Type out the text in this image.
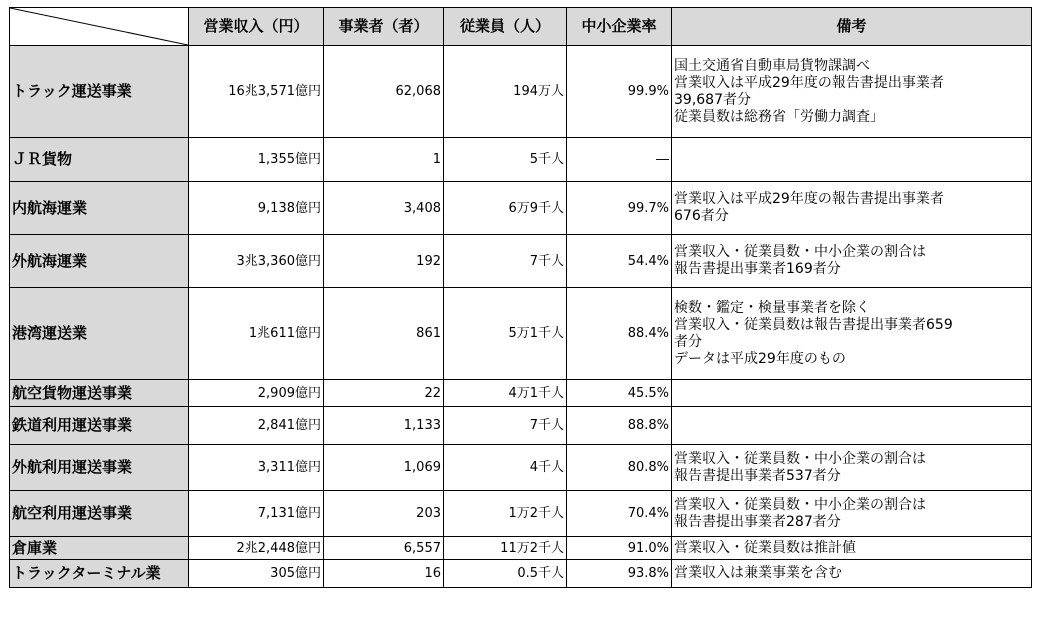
	営業収入（円）	事業者（者）	従業員（人）	中小企業率	備考
トラック運送事業	16兆3,571億円	62,068	194万人	99.9%	国土交通省自動車局貨物課調べ
営業収入は平成29年度の報告書提出事業者
39,687者分
従業員数は総務省「労働力調査」

ＪＲ貨物	1,355億円	1	5千人	―	
内航海運業	9,138億円	3,408	6万9千人	99.7%	営業収入は平成29年度の報告書提出事業者
676者分

外航海運業	3兆3,360億円	192	7千人	54.4%	営業収入・従業員数・中小企業の割合は
報告書提出事業者169者分

港湾運送業	1兆611億円	861	5万1千人	88.4%	検数・鑑定・検量事業者を除く
営業収入・従業員数は報告書提出事業者659
者分
データは平成29年度のもの

航空貨物運送事業	2,909億円	22	4万1千人	45.5%	
鉄道利用運送事業	2,841億円	1,133	7千人	88.8%	
外航利用運送事業	3,311億円	1,069	4千人	80.8%	営業収入・従業員数・中小企業の割合は
報告書提出事業者537者分

航空利用運送事業	7,131億円	203	1万2千人	70.4%	営業収入・従業員数・中小企業の割合は
報告書提出事業者287者分

倉庫業	2兆2,448億円	6,557	11万2千人	91.0%	営業収入・従業員数は推計値

トラックターミナル業	305億円	16	0.5千人	93.8%	営業収入は兼業事業を含む
